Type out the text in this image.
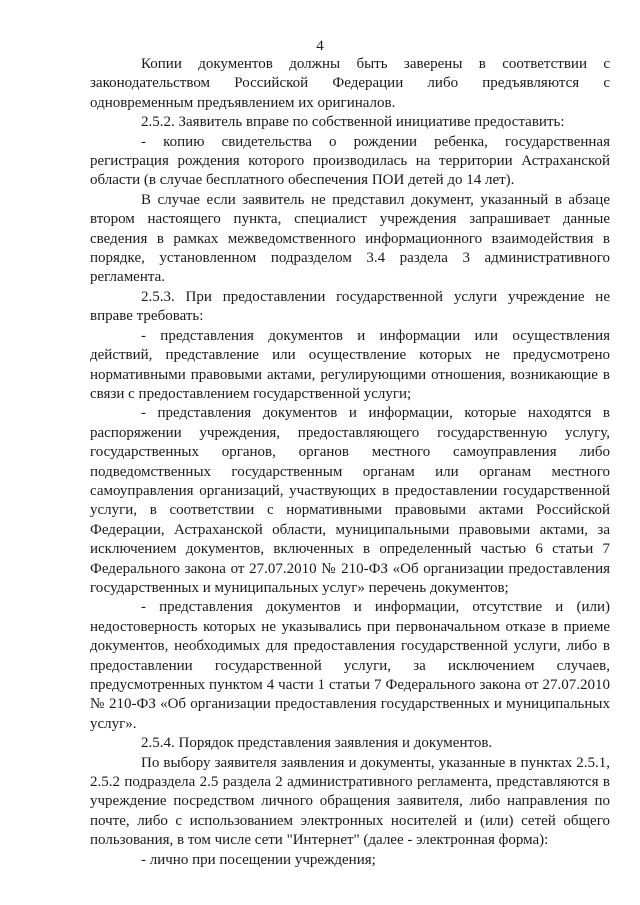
4

Копии документов должны быть заверены в соответствии с законодательством Российской Федерации либо предъявляются с одновременным предъявлением их оригиналов.

2.5.2. Заявитель вправе по собственной инициативе предоставить:

- копию свидетельства о рождении ребенка, государственная регистрация рождения которого производилась на территории Астраханской области (в случае бесплатного обеспечения ПОИ детей до 14 лет).

В случае если заявитель не представил документ, указанный в абзаце втором настоящего пункта, специалист учреждения запрашивает данные сведения в рамках межведомственного информационного взаимодействия в порядке, установленном подразделом 3.4 раздела 3 административного регламента.

2.5.3. При предоставлении государственной услуги учреждение не вправе требовать:

- представления документов и информации или осуществления действий, представление или осуществление которых не предусмотрено нормативными правовыми актами, регулирующими отношения, возникающие в связи с предоставлением государственной услуги;

- представления документов и информации, которые находятся в распоряжении учреждения, предоставляющего государственную услугу, государственных органов, органов местного самоуправления либо подведомственных государственным органам или органам местного самоуправления организаций, участвующих в предоставлении государственной услуги, в соответствии с нормативными правовыми актами Российской Федерации, Астраханской области, муниципальными правовыми актами, за исключением документов, включенных в определенный частью 6 статьи 7 Федерального закона от 27.07.2010 № 210-ФЗ «Об организации предоставления государственных и муниципальных услуг» перечень документов;

- представления документов и информации, отсутствие и (или) недостоверность которых не указывались при первоначальном отказе в приеме документов, необходимых для предоставления государственной услуги, либо в предоставлении государственной услуги, за исключением случаев, предусмотренных пунктом 4 части 1 статьи 7 Федерального закона от 27.07.2010 № 210-ФЗ «Об организации предоставления государственных и муниципальных услуг».

2.5.4. Порядок представления заявления и документов.

По выбору заявителя заявления и документы, указанные в пунктах 2.5.1, 2.5.2 подраздела 2.5 раздела 2 административного регламента, представляются в учреждение посредством личного обращения заявителя, либо направления по почте, либо с использованием электронных носителей и (или) сетей общего пользования, в том числе сети "Интернет" (далее - электронная форма):

- лично при посещении учреждения;
